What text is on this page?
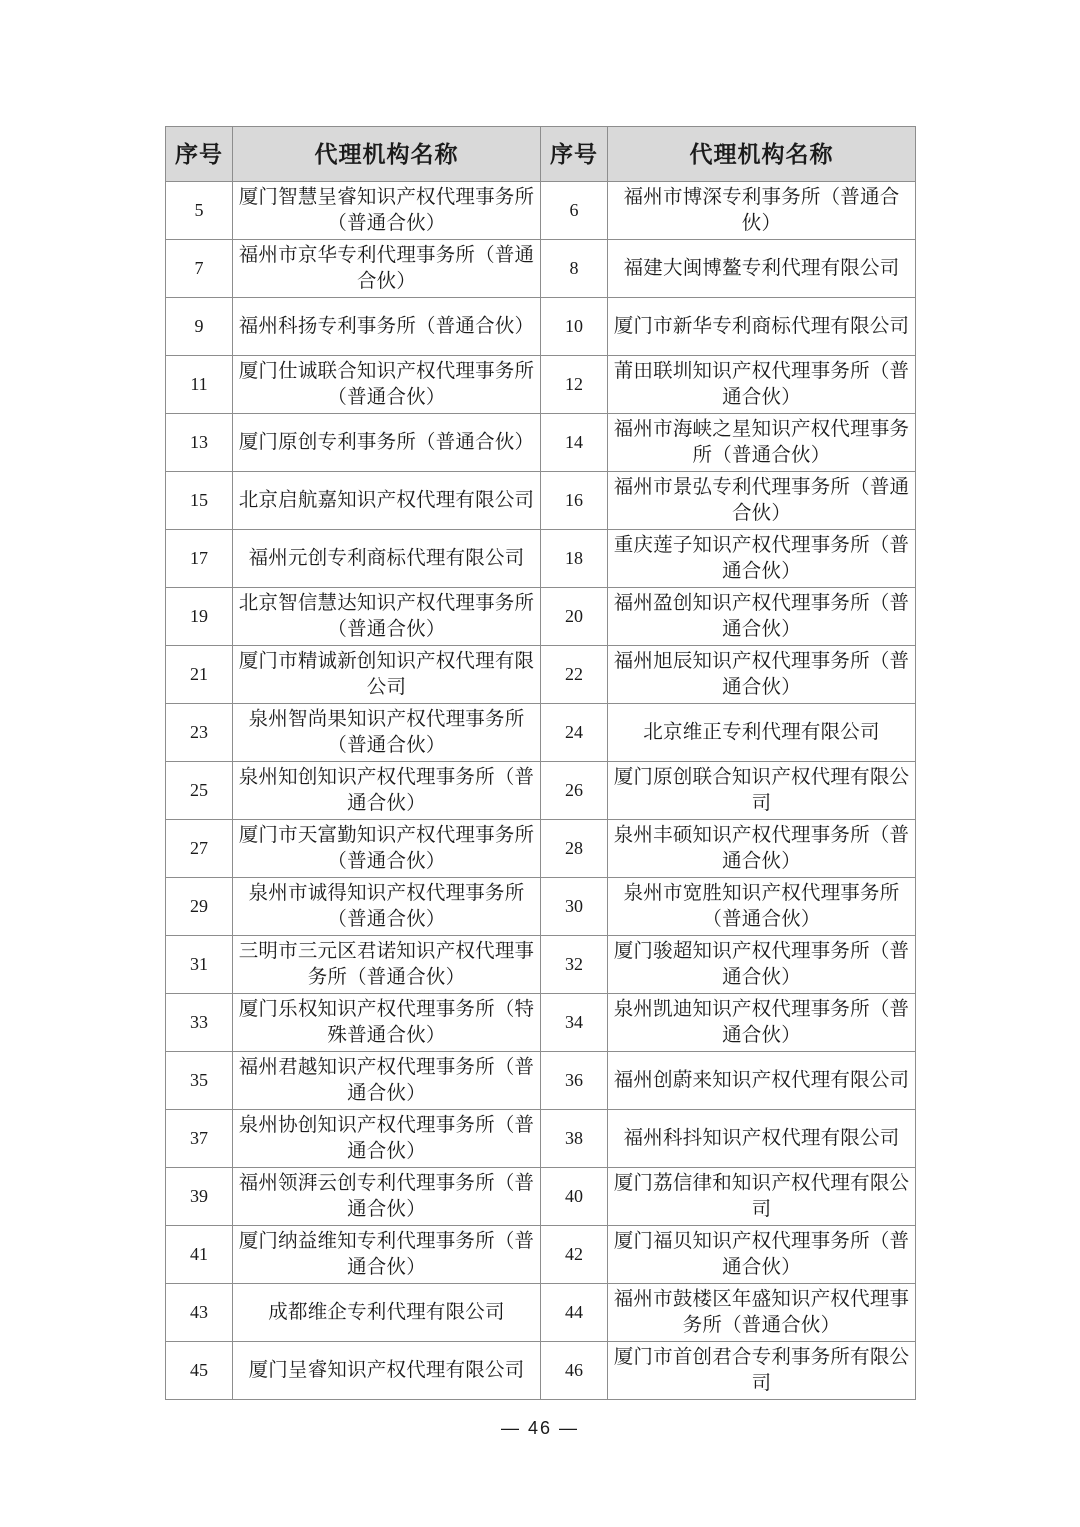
序号	代理机构名称	序号	代理机构名称
5	厦门智慧呈睿知识产权代理事务所（普通合伙）	6	福州市博深专利事务所（普通合伙）
7	福州市京华专利代理事务所（普通合伙）	8	福建大闽博鳌专利代理有限公司
9	福州科扬专利事务所（普通合伙）	10	厦门市新华专利商标代理有限公司
11	厦门仕诚联合知识产权代理事务所（普通合伙）	12	莆田联圳知识产权代理事务所（普通合伙）
13	厦门原创专利事务所（普通合伙）	14	福州市海峡之星知识产权代理事务所（普通合伙）
15	北京启航嘉知识产权代理有限公司	16	福州市景弘专利代理事务所（普通合伙）
17	福州元创专利商标代理有限公司	18	重庆莲子知识产权代理事务所（普通合伙）
19	北京智信慧达知识产权代理事务所（普通合伙）	20	福州盈创知识产权代理事务所（普通合伙）
21	厦门市精诚新创知识产权代理有限公司	22	福州旭辰知识产权代理事务所（普通合伙）
23	泉州智尚果知识产权代理事务所（普通合伙）	24	北京维正专利代理有限公司
25	泉州知创知识产权代理事务所（普通合伙）	26	厦门原创联合知识产权代理有限公司
27	厦门市天富勤知识产权代理事务所（普通合伙）	28	泉州丰硕知识产权代理事务所（普通合伙）
29	泉州市诚得知识产权代理事务所（普通合伙）	30	泉州市宽胜知识产权代理事务所（普通合伙）
31	三明市三元区君诺知识产权代理事务所（普通合伙）	32	厦门骏超知识产权代理事务所（普通合伙）
33	厦门乐权知识产权代理事务所（特殊普通合伙）	34	泉州凯迪知识产权代理事务所（普通合伙）
35	福州君越知识产权代理事务所（普通合伙）	36	福州创蔚来知识产权代理有限公司
37	泉州协创知识产权代理事务所（普通合伙）	38	福州科抖知识产权代理有限公司
39	福州领湃云创专利代理事务所（普通合伙）	40	厦门荔信律和知识产权代理有限公司
41	厦门纳益维知专利代理事务所（普通合伙）	42	厦门福贝知识产权代理事务所（普通合伙）
43	成都维企专利代理有限公司	44	福州市鼓楼区年盛知识产权代理事务所（普通合伙）
45	厦门呈睿知识产权代理有限公司	46	厦门市首创君合专利事务所有限公司
— 46 —
